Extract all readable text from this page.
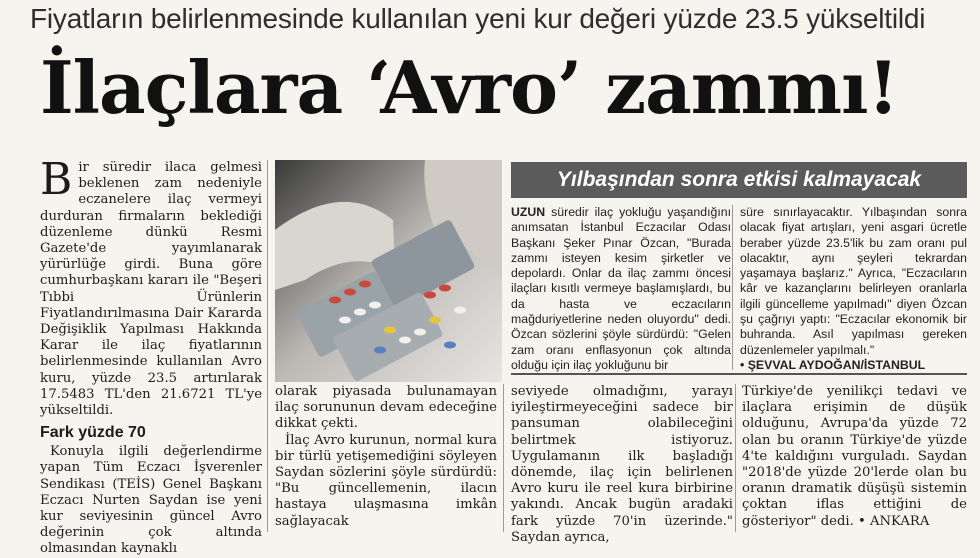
Fiyatların belirlenmesinde kullanılan yeni kur değeri yüzde 23.5 yükseltildi
İlaçlara ‘Avro’ zammı!

Bir süredir ilaca gelmesi beklenen zam nedeniyle eczanelere ilaç vermeyi durduran firmaların beklediği düzenleme dünkü Resmi Gazete'de yayımlanarak yürürlüğe girdi. Buna göre cumhurbaşkanı kararı ile "Beşeri Tıbbi Ürünlerin Fiyatlandırılmasına Dair Kararda Değişiklik Yapılması Hakkında Karar ile ilaç fiyatlarının belirlenmesinde kullanılan Avro kuru, yüzde 23.5 artırılarak 17.5483 TL'den 21.6721 TL'ye yükseltildi.

Fark yüzde 70

Konuyla ilgili değerlendirme yapan Tüm Eczacı İşverenler Sendikası (TEİS) Genel Başkanı Eczacı Nurten Saydan ise yeni kur seviyesinin güncel Avro değerinin çok altında olmasından kaynaklı

Yılbaşından sonra etkisi kalmayacak
UZUN süredir ilaç yokluğu yaşandığını anımsatan İstanbul Eczacılar Odası Başkanı Şeker Pınar Özcan, "Burada zammı isteyen kesim şirketler ve depolardı. Onlar da ilaç zammı öncesi ilaçları kısıtlı vermeye başlamışlardı, bu da hasta ve eczacıların mağduriyetlerine neden oluyordu" dedi. Özcan sözlerini şöyle sürdürdü: "Gelen zam oranı enflasyonun çok altında olduğu için ilaç yokluğunu bir
süre sınırlayacaktır. Yılbaşından sonra olacak fiyat artışları, yeni asgari ücretle beraber yüzde 23.5'lik bu zam oranı pul olacaktır, aynı şeyleri tekrardan yaşamaya başlarız." Ayrıca, "Eczacıların kâr ve kazançlarını belirleyen oranlarla ilgili güncelleme yapılmadı" diyen Özcan şu çağrıyı yaptı: "Eczacılar ekonomik bir buhranda. Asıl yapılması gereken düzenlemeler yapılmalı."
• ŞEVVAL AYDOĞAN/İSTANBUL

olarak piyasada bulunamayan ilaç sorununun devam edeceğine dikkat çekti.

İlaç Avro kurunun, normal kura bir türlü yetişemediğini söyleyen Saydan sözlerini şöyle sürdürdü: "Bu güncellemenin, ilacın hastaya ulaşmasına imkân sağlayacak

seviyede olmadığını, yarayı iyileştirmeyeceğini sadece bir pansuman olabileceğini belirtmek istiyoruz. Uygulamanın ilk başladığı dönemde, ilaç için belirlenen Avro kuru ile reel kura birbirine yakındı. Ancak bugün aradaki fark yüzde 70'in üzerinde." Saydan ayrıca,

Türkiye'de yenilikçi tedavi ve ilaçlara erişimin de düşük olduğunu, Avrupa'da yüzde 72 olan bu oranın Türkiye'de yüzde 4'te kaldığını vurguladı. Saydan "2018'de yüzde 20'lerde olan bu oranın dramatik düşüşü sistemin çoktan iflas ettiğini de gösteriyor" dedi. • ANKARA
